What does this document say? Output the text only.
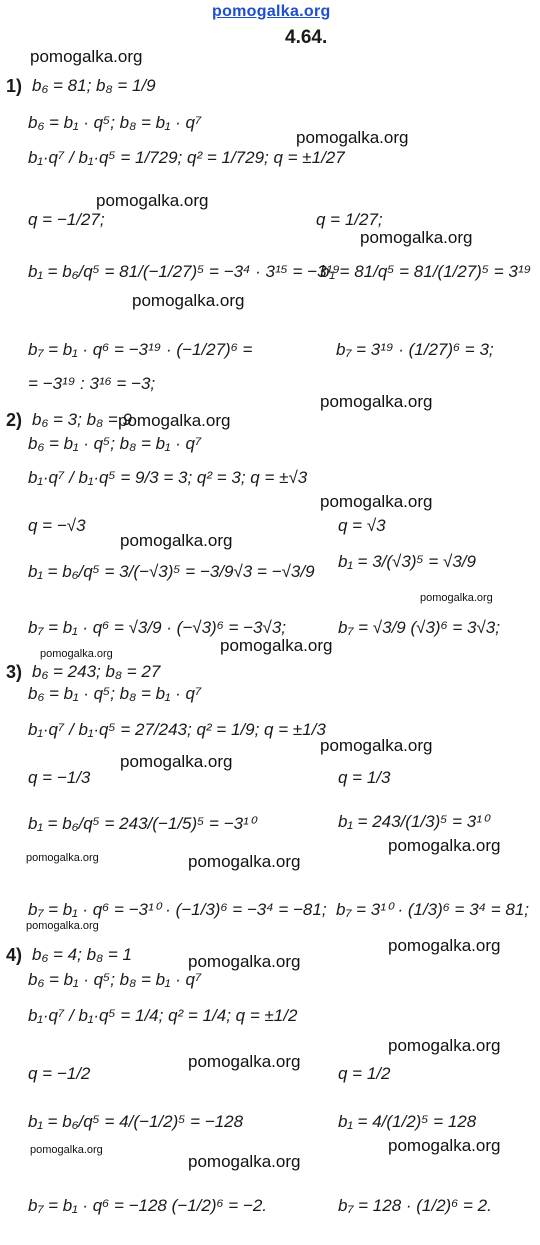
pomogalka.org
4.64.
pomogalka.org
pomogalka.org
pomogalka.org
pomogalka.org
pomogalka.org
pomogalka.org
pomogalka.org
pomogalka.org
pomogalka.org
pomogalka.org
pomogalka.org	pomogalka.org
pomogalka.org
pomogalka.org
pomogalka.org
pomogalka.org	pomogalka.org
pomogalka.org
pomogalka.org
pomogalka.org
pomogalka.org
pomogalka.org
pomogalka.org
pomogalka.org
pomogalka.org
1) b₆ = 81; b₈ = 1/9
b₆ = b₁ · q⁵; b₈ = b₁ · q⁷
b₁·q⁷ / b₁·q⁵ = 1/729; q² = 1/729; q = ±1/27
q = −1/27;
b₁ = b₆/q⁵ = 81/(−1/27)⁵ = −3⁴ · 3¹⁵ = −3¹⁹
b₇ = b₁ · q⁶ = −3¹⁹ · (−1/27)⁶ =
= −3¹⁹ : 3¹⁶ = −3;
q = 1/27;
b₁ = 81/q⁵ = 81/(1/27)⁵ = 3¹⁹
b₇ = 3¹⁹ · (1/27)⁶ = 3;
2) b₆ = 3; b₈ = 9
b₆ = b₁ · q⁵; b₈ = b₁ · q⁷
b₁·q⁷ / b₁·q⁵ = 9/3 = 3; q² = 3; q = ±√3
q = −√3
b₁ = b₆/q⁵ = 3/(−√3)⁵ = −3/9√3 = −√3/9
b₇ = b₁ · q⁶ = √3/9 · (−√3)⁶ = −3√3;
q = √3
b₁ = 3/(√3)⁵ = √3/9
b₇ = √3/9 (√3)⁶ = 3√3;
3) b₆ = 243; b₈ = 27
b₆ = b₁ · q⁵; b₈ = b₁ · q⁷
b₁·q⁷ / b₁·q⁵ = 27/243; q² = 1/9; q = ±1/3
q = −1/3
b₁ = b₆/q⁵ = 243/(−1/5)⁵ = −3¹⁰
b₇ = b₁ · q⁶ = −3¹⁰ · (−1/3)⁶ = −3⁴ = −81;
q = 1/3
b₁ = 243/(1/3)⁵ = 3¹⁰
b₇ = 3¹⁰ · (1/3)⁶ = 3⁴ = 81;
4) b₆ = 4; b₈ = 1
b₆ = b₁ · q⁵; b₈ = b₁ · q⁷
b₁·q⁷ / b₁·q⁵ = 1/4; q² = 1/4; q = ±1/2
q = −1/2
b₁ = b₆/q⁵ = 4/(−1/2)⁵ = −128
b₇ = b₁ · q⁶ = −128 (−1/2)⁶ = −2.
q = 1/2
b₁ = 4/(1/2)⁵ = 128
b₇ = 128 · (1/2)⁶ = 2.
